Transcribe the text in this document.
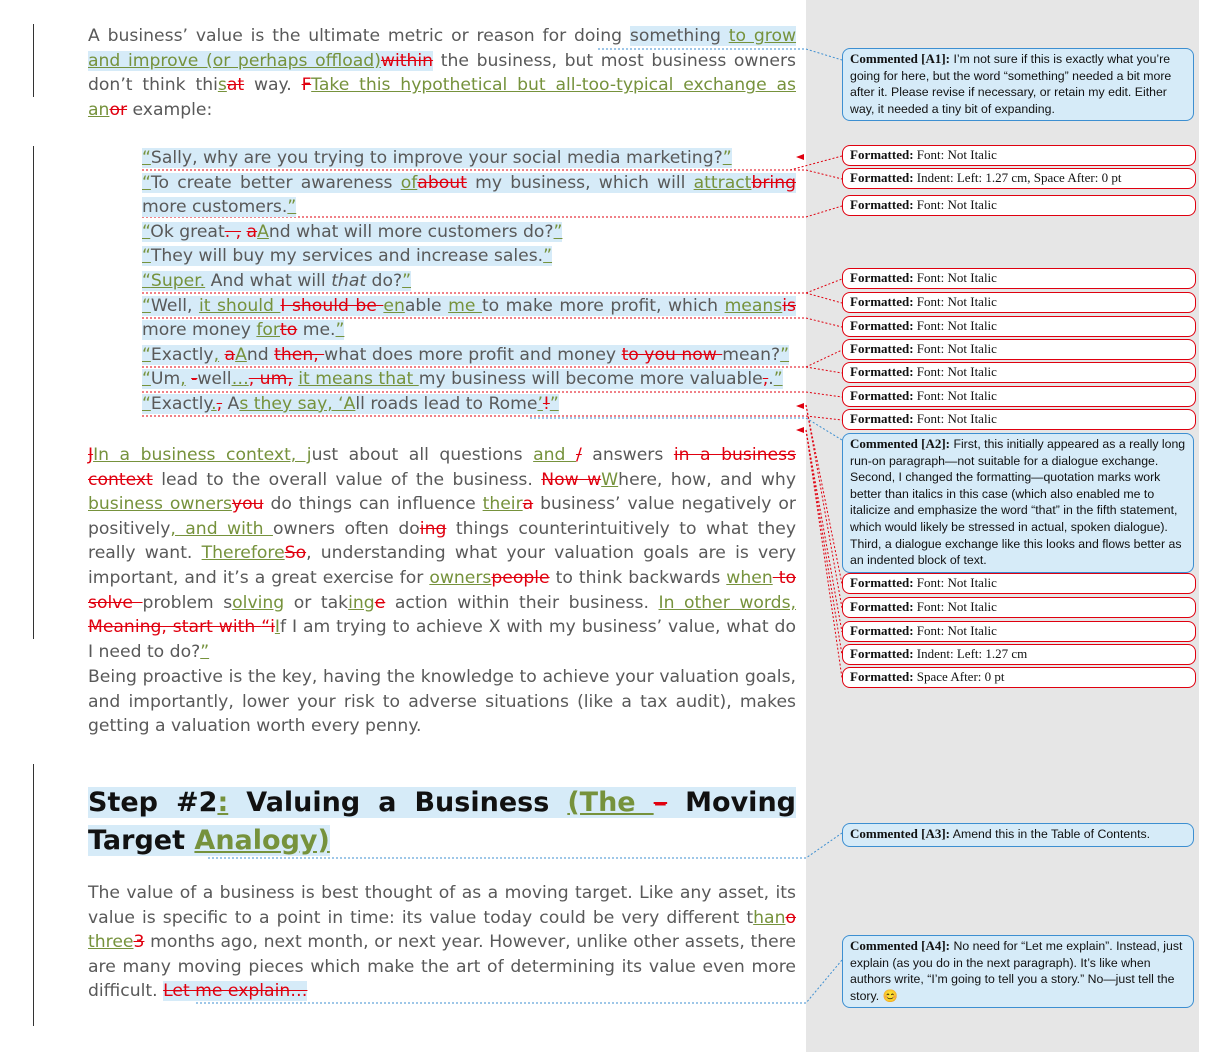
A business’ value is the ultimate metric or reason for doing something to grow and improve (or perhaps offload)within the business, but most business owners don’t think thisat way. FTake this hypothetical but all-too-typical exchange as anor example:

“Sally, why are you trying to improve your social media marketing?”

“To create better awareness ofabout my business, which will attractbring more customers.”

“Ok great. , aAnd what will more customers do?”

“They will buy my services and increase sales.”

“Super. And what will that do?”

“Well, it should I should be enable me to make more profit, which meansis more money forto me.”

“Exactly, aAnd then, what does more profit and money to you now mean?”

“Um, -well…, um, it means that my business will become more valuable,.”

“Exactly., As they say, ‘All roads lead to Rome’!”

JIn a business context, just about all questions and / answers in a business context lead to the overall value of the business. Now wWhere, how, and why business ownersyou do things can influence theira business’ value negatively or positively, and with owners often doing things counterintuitively to what they really want. ThereforeSo, understanding what your valuation goals are is very important, and it’s a great exercise for ownerspeople to think backwards when to solve problem solving or takinge action within their business. In other words, Meaning, start with “iIf I am trying to achieve X with my business’ value, what do I need to do?”

Being proactive is the key, having the knowledge to achieve your valuation goals, and importantly, lower your risk to adverse situations (like a tax audit), makes getting a valuation worth every penny.

Step #2: Valuing a Business (The – Moving Target Analogy)

The value of a business is best thought of as a moving target. Like any asset, its value is specific to a point in time: its value today could be very different thano three3 months ago, next month, or next year. However, unlike other assets, there are many moving pieces which make the art of determining its value even more difficult. Let me explain…

Commented [A1]: I’m not sure if this is exactly what you’re going for here, but the word “something” needed a bit more after it. Please revise if necessary, or retain my edit. Either way, it needed a tiny bit of expanding.
Commented [A2]: First, this initially appeared as a really long run-on paragraph—not suitable for a dialogue exchange. Second, I changed the formatting—quotation marks work better than italics in this case (which also enabled me to italicize and emphasize the word “that” in the fifth statement, which would likely be stressed in actual, spoken dialogue). Third, a dialogue exchange like this looks and flows better as an indented block of text.
Commented [A3]: Amend this in the Table of Contents.
Commented [A4]: No need for “Let me explain”. Instead, just explain (as you do in the next paragraph). It’s like when authors write, “I’m going to tell you a story.” No—just tell the story. 😊
Formatted: Font: Not Italic
Formatted: Indent: Left: 1.27 cm, Space After: 0 pt
Formatted: Font: Not Italic
Formatted: Font: Not Italic
Formatted: Font: Not Italic
Formatted: Font: Not Italic
Formatted: Font: Not Italic
Formatted: Font: Not Italic
Formatted: Font: Not Italic
Formatted: Font: Not Italic
Formatted: Font: Not Italic
Formatted: Font: Not Italic
Formatted: Font: Not Italic
Formatted: Indent: Left: 1.27 cm
Formatted: Space After: 0 pt
